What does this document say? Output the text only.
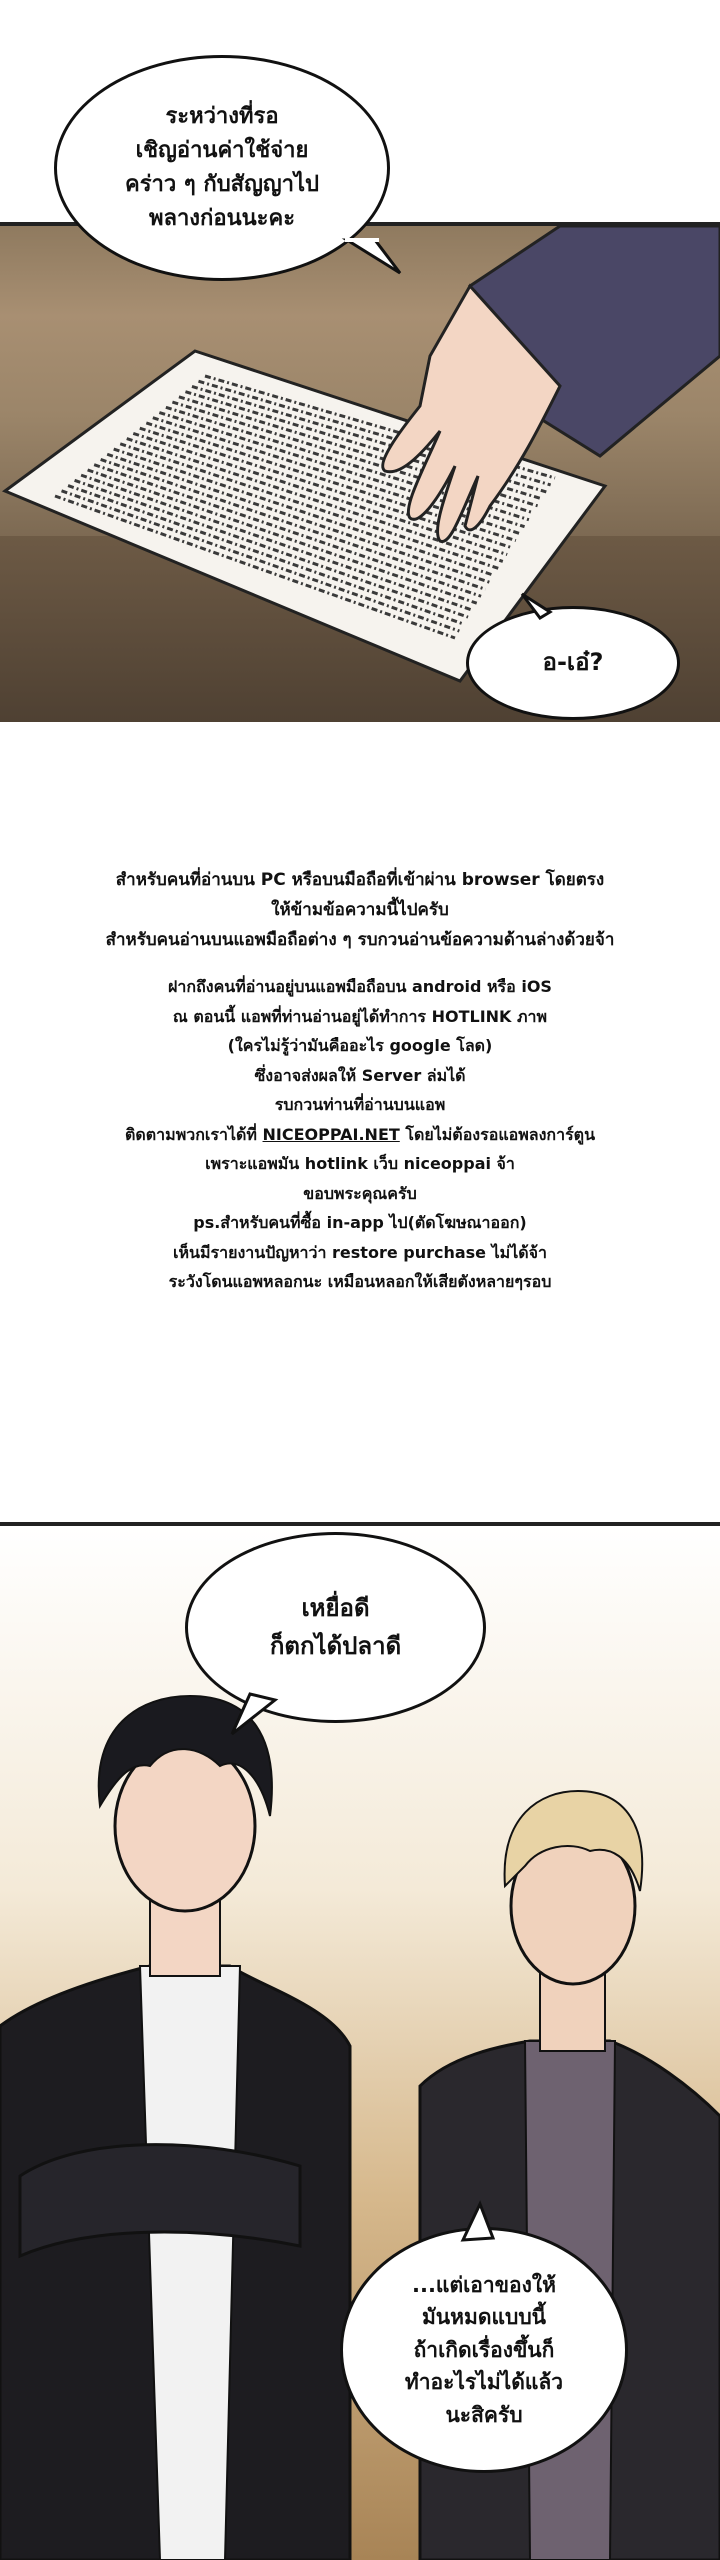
ระหว่างที่รอ
เชิญอ่านค่าใช้จ่าย
คร่าว ๆ กับสัญญาไป
พลางก่อนนะคะ
อ-เอ๋?

สำหรับคนที่อ่านบน PC หรือบนมือถือที่เข้าผ่าน browser โดยตรง
ให้ข้ามข้อความนี้ไปครับ
สำหรับคนอ่านบนแอพมือถือต่าง ๆ รบกวนอ่านข้อความด้านล่างด้วยจ้า
ฝากถึงคนที่อ่านอยู่บนแอพมือถือบน android หรือ iOS
ณ ตอนนี้ แอพที่ท่านอ่านอยู่ได้ทำการ HOTLINK ภาพ
(ใครไม่รู้ว่ามันคืออะไร google โลด)
ซึ่งอาจส่งผลให้ Server ล่มได้
รบกวนท่านที่อ่านบนแอพ
ติดตามพวกเราได้ที่ NICEOPPAI.NET โดยไม่ต้องรอแอพลงการ์ตูน
เพราะแอพมัน hotlink เว็บ niceoppai จ้า
ขอบพระคุณครับ
ps.สำหรับคนที่ซื้อ in-app ไป(ตัดโฆษณาออก)
เห็นมีรายงานปัญหาว่า restore purchase ไม่ได้จ้า
ระวังโดนแอพหลอกนะ เหมือนหลอกให้เสียตังหลายๆรอบ
เหยื่อดี
ก็ตกได้ปลาดี
...แต่เอาของให้
มันหมดแบบนี้
ถ้าเกิดเรื่องขึ้นก็
ทำอะไรไม่ได้แล้ว
นะสิครับ
